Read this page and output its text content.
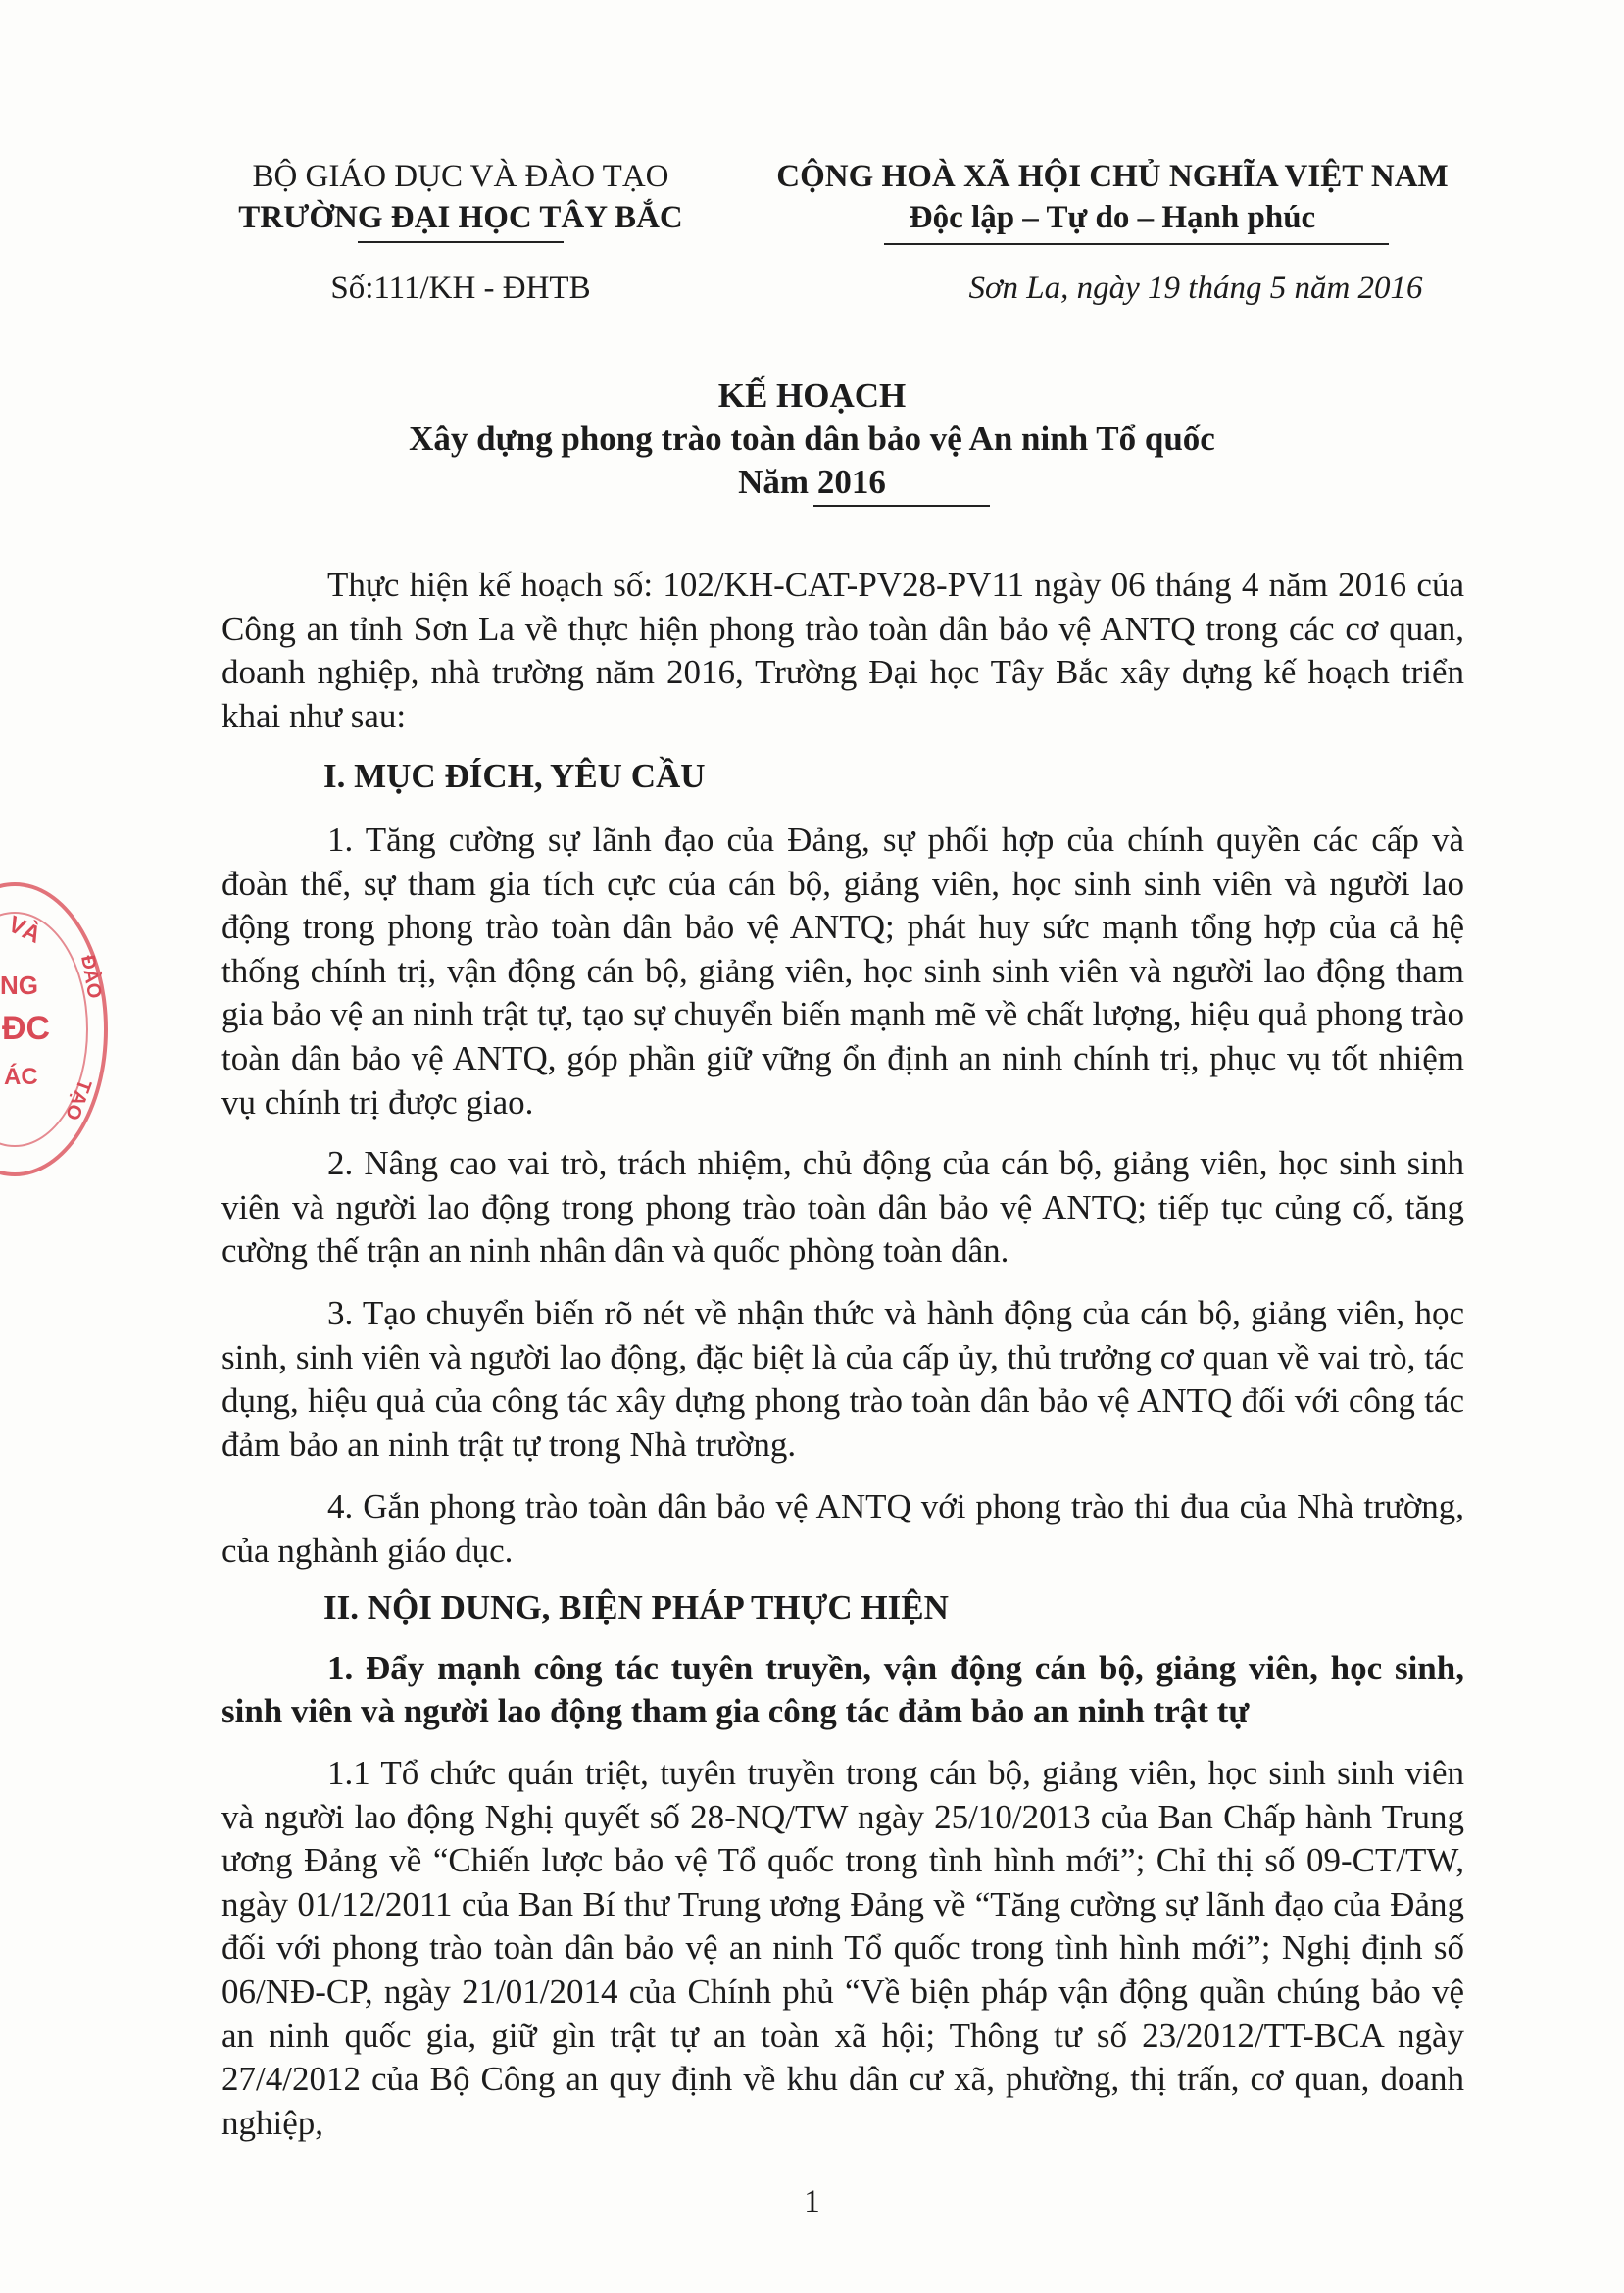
VÀ
NG
ĐC
ĐÀO
TẠO
ÁC
BỘ GIÁO DỤC VÀ ĐÀO TẠO
TRƯỜNG ĐẠI HỌC TÂY BẮC
Số:111/KH - ĐHTB
CỘNG HOÀ XÃ HỘI CHỦ NGHĨA VIỆT NAM
Độc lập – Tự do – Hạnh phúc
Sơn La, ngày 19 tháng 5 năm 2016
KẾ HOẠCH
Xây dựng phong trào toàn dân bảo vệ An ninh Tổ quốc
Năm 2016

Thực hiện kế hoạch số: 102/KH-CAT-PV28-PV11 ngày 06 tháng 4 năm 2016 của Công an tỉnh Sơn La về thực hiện phong trào toàn dân bảo vệ ANTQ trong các cơ quan, doanh nghiệp, nhà trường năm 2016, Trường Đại học Tây Bắc xây dựng kế hoạch triển khai như sau:

I. MỤC ĐÍCH, YÊU CẦU

1. Tăng cường sự lãnh đạo của Đảng, sự phối hợp của chính quyền các cấp và đoàn thể, sự tham gia tích cực của cán bộ, giảng viên, học sinh sinh viên và người lao động trong phong trào toàn dân bảo vệ ANTQ; phát huy sức mạnh tổng hợp của cả hệ thống chính trị, vận động cán bộ, giảng viên, học sinh sinh viên và người lao động tham gia bảo vệ an ninh trật tự, tạo sự chuyển biến mạnh mẽ về chất lượng, hiệu quả phong trào toàn dân bảo vệ ANTQ, góp phần giữ vững ổn định an ninh chính trị, phục vụ tốt nhiệm vụ chính trị được giao.

2. Nâng cao vai trò, trách nhiệm, chủ động của cán bộ, giảng viên, học sinh sinh viên và người lao động trong phong trào toàn dân bảo vệ ANTQ; tiếp tục củng cố, tăng cường thế trận an ninh nhân dân và quốc phòng toàn dân.

3. Tạo chuyển biến rõ nét về nhận thức và hành động của cán bộ, giảng viên, học sinh, sinh viên và người lao động, đặc biệt là của cấp ủy, thủ trưởng cơ quan về vai trò, tác dụng, hiệu quả của công tác xây dựng phong trào toàn dân bảo vệ ANTQ đối với công tác đảm bảo an ninh trật tự trong Nhà trường.

4. Gắn phong trào toàn dân bảo vệ ANTQ với phong trào thi đua của Nhà trường, của nghành giáo dục.

II. NỘI DUNG, BIỆN PHÁP THỰC HIỆN

1. Đẩy mạnh công tác tuyên truyền, vận động cán bộ, giảng viên, học sinh, sinh viên và người lao động tham gia công tác đảm bảo an ninh trật tự

1.1 Tổ chức quán triệt, tuyên truyền trong cán bộ, giảng viên, học sinh sinh viên và người lao động Nghị quyết số 28-NQ/TW ngày 25/10/2013 của Ban Chấp hành Trung ương Đảng về “Chiến lược bảo vệ Tổ quốc trong tình hình mới”; Chỉ thị số 09-CT/TW, ngày 01/12/2011 của Ban Bí thư Trung ương Đảng về “Tăng cường sự lãnh đạo của Đảng đối với phong trào toàn dân bảo vệ an ninh Tổ quốc trong tình hình mới”; Nghị định số 06/NĐ-CP, ngày 21/01/2014 của Chính phủ “Về biện pháp vận động quần chúng bảo vệ an ninh quốc gia, giữ gìn trật tự an toàn xã hội; Thông tư số 23/2012/TT-BCA ngày 27/4/2012 của Bộ Công an quy định về khu dân cư xã, phường, thị trấn, cơ quan, doanh nghiệp,

1
